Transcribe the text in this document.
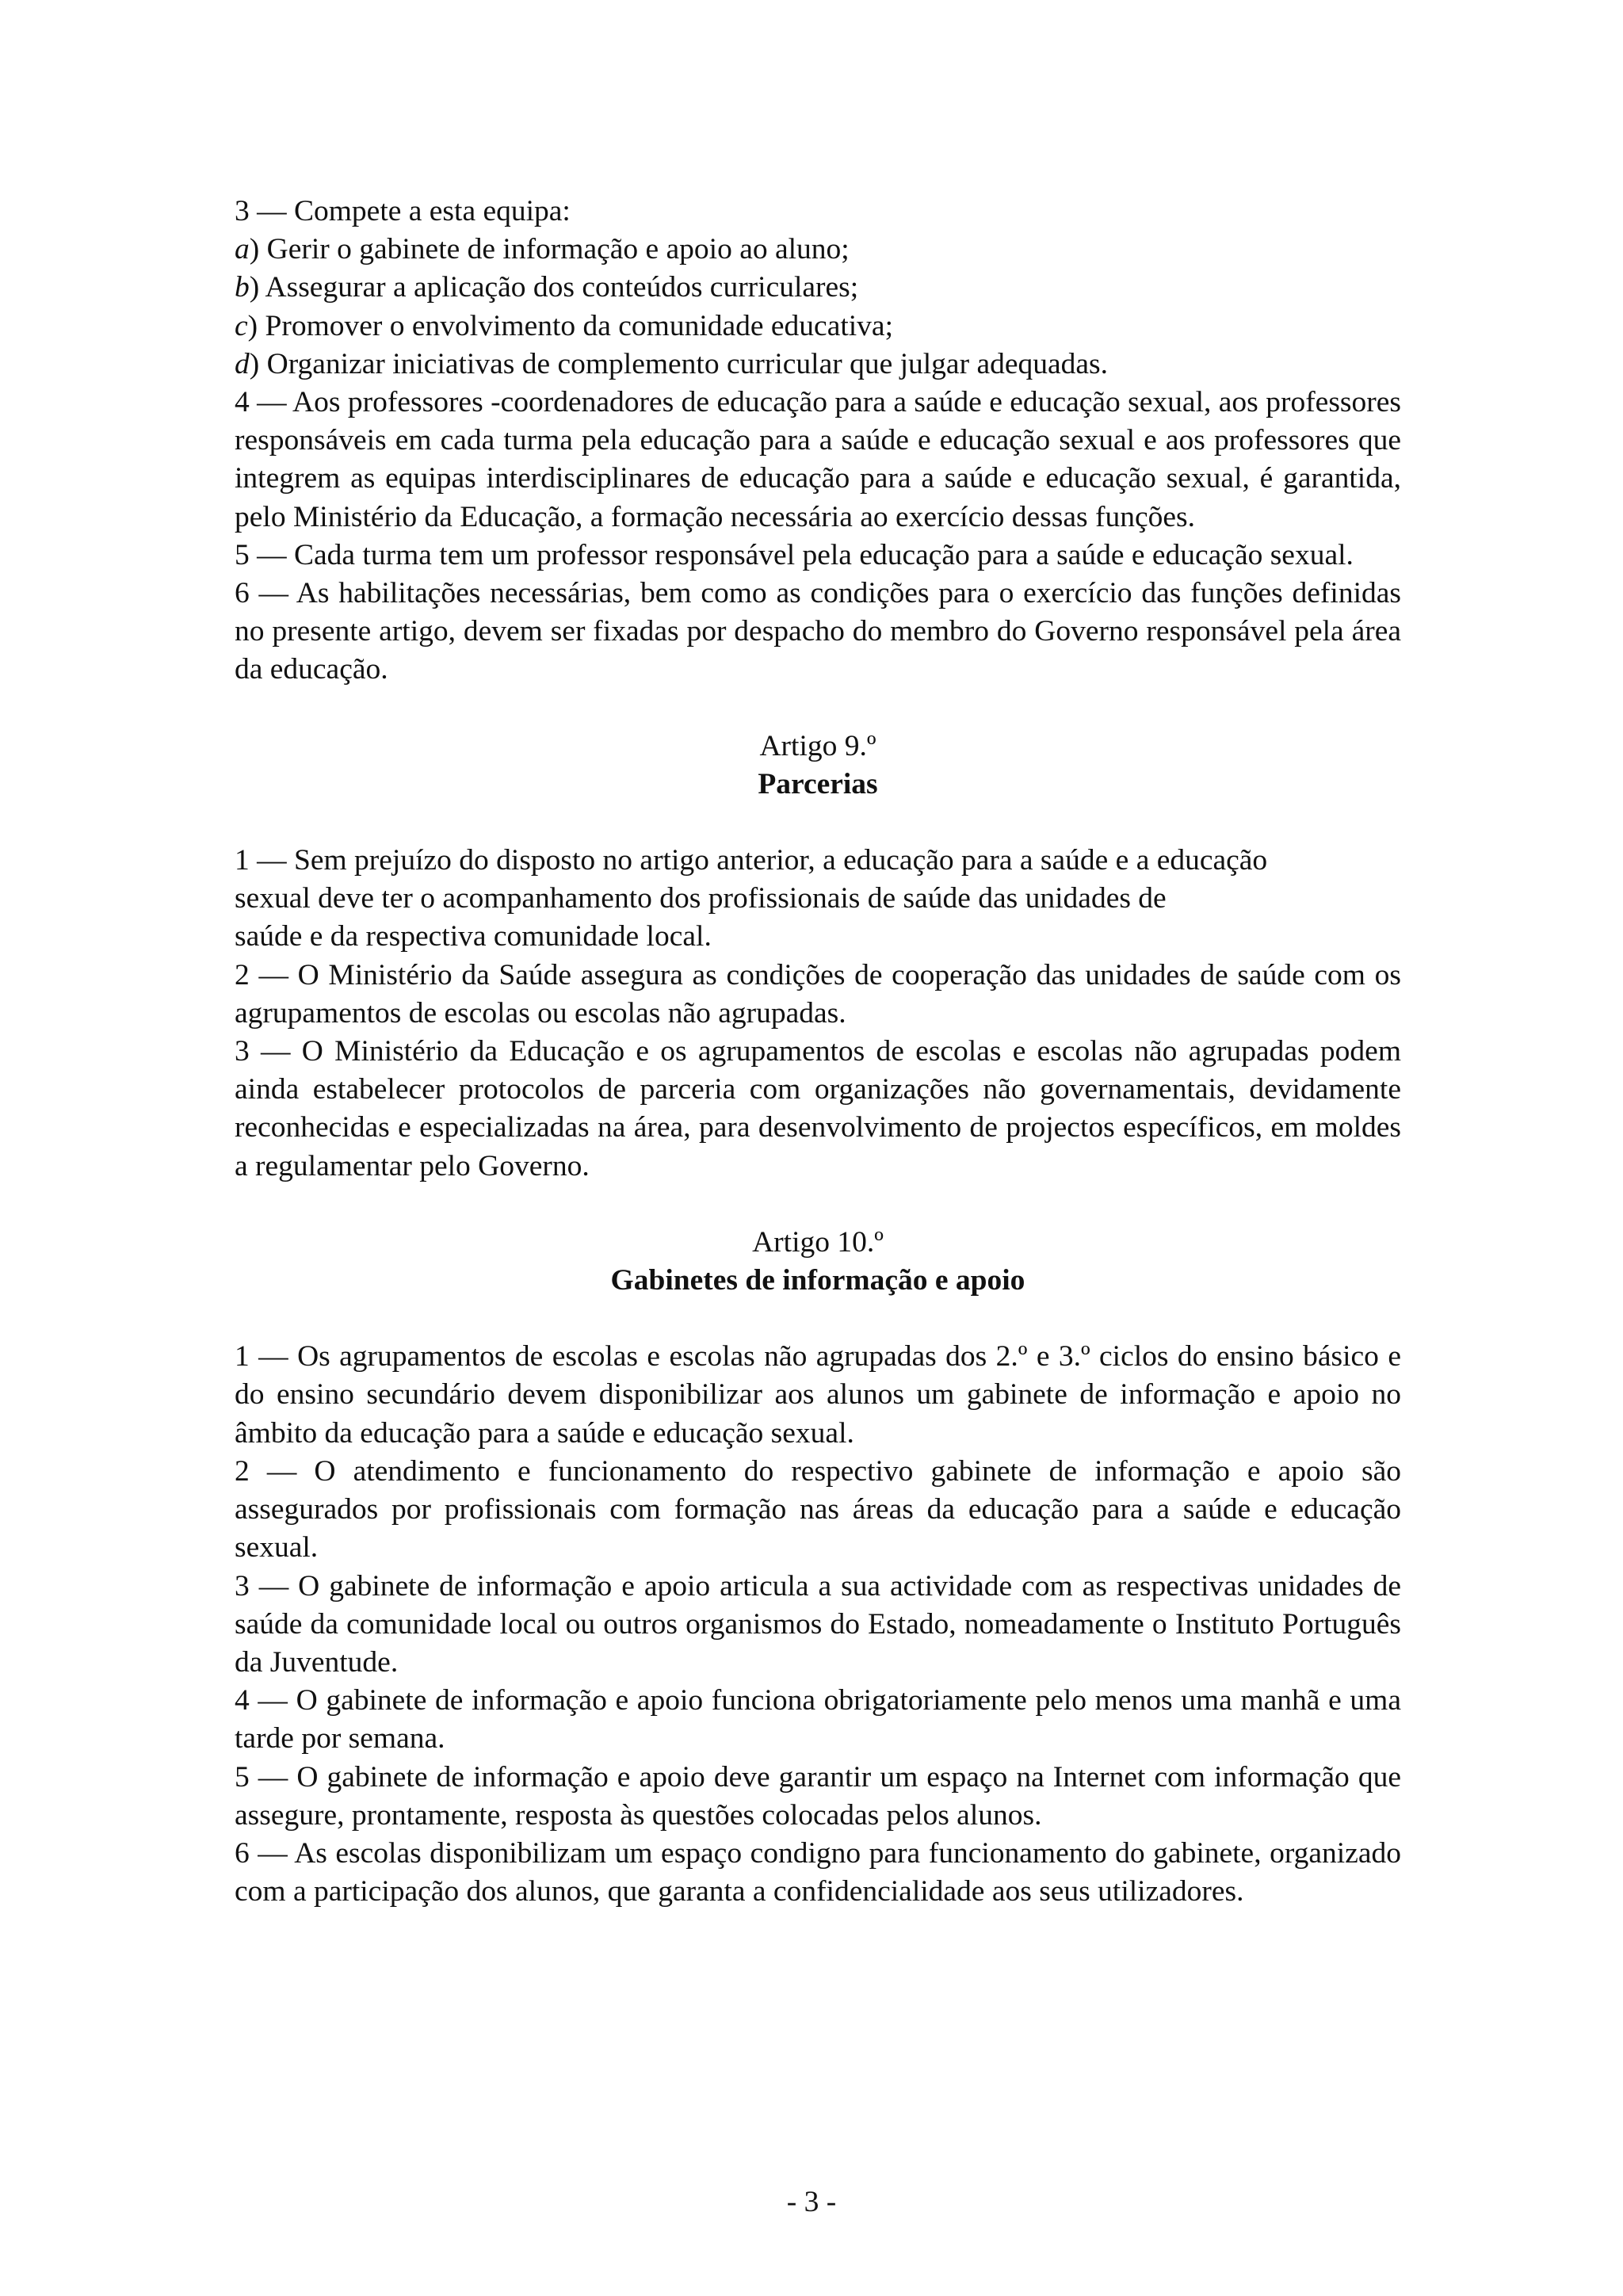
3 — Compete a esta equipa:
a) Gerir o gabinete de informação e apoio ao aluno;
b) Assegurar a aplicação dos conteúdos curriculares;
c) Promover o envolvimento da comunidade educativa;
d) Organizar iniciativas de complemento curricular que julgar adequadas.
4 — Aos professores -coordenadores de educação para a saúde e educação sexual, aos professores responsáveis em cada turma pela educação para a saúde e educação sexual e aos professores que integrem as equipas interdisciplinares de educação para a saúde e educação sexual, é garantida, pelo Ministério da Educação, a formação necessária ao exercício dessas funções.
5 — Cada turma tem um professor responsável pela educação para a saúde e educação sexual.
6 — As habilitações necessárias, bem como as condições para o exercício das funções definidas no presente artigo, devem ser fixadas por despacho do membro do Governo responsável pela área da educação.
Artigo 9.º
Parcerias
1 — Sem prejuízo do disposto no artigo anterior, a educação para a saúde e a educação
sexual deve ter o acompanhamento dos profissionais de saúde das unidades de
saúde e da respectiva comunidade local.
2 — O Ministério da Saúde assegura as condições de cooperação das unidades de saúde com os agrupamentos de escolas ou escolas não agrupadas.
3 — O Ministério da Educação e os agrupamentos de escolas e escolas não agrupadas podem ainda estabelecer protocolos de parceria com organizações não governamentais, devidamente reconhecidas e especializadas na área, para desenvolvimento de projectos específicos, em moldes a regulamentar pelo Governo.
Artigo 10.º
Gabinetes de informação e apoio
1 — Os agrupamentos de escolas e escolas não agrupadas dos 2.º e 3.º ciclos do ensino básico e do ensino secundário devem disponibilizar aos alunos um gabinete de informação e apoio no âmbito da educação para a saúde e educação sexual.
2 — O atendimento e funcionamento do respectivo gabinete de informação e apoio são assegurados por profissionais com formação nas áreas da educação para a saúde e educação sexual.
3 — O gabinete de informação e apoio articula a sua actividade com as respectivas unidades de saúde da comunidade local ou outros organismos do Estado, nomeadamente o Instituto Português da Juventude.
4 — O gabinete de informação e apoio funciona obrigatoriamente pelo menos uma manhã e uma tarde por semana.
5 — O gabinete de informação e apoio deve garantir um espaço na Internet com informação que assegure, prontamente, resposta às questões colocadas pelos alunos.
6 — As escolas disponibilizam um espaço condigno para funcionamento do gabinete, organizado com a participação dos alunos, que garanta a confidencialidade aos seus utilizadores.
- 3 -
